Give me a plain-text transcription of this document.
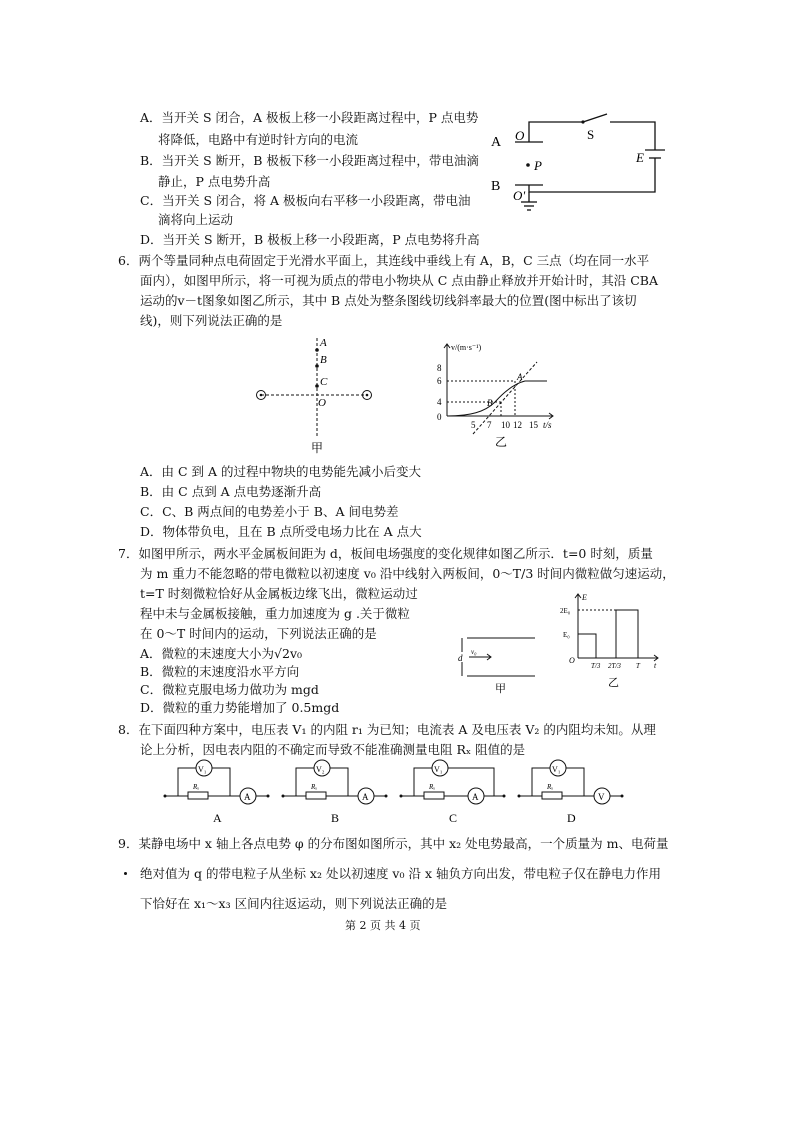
A．当开关 S 闭合，A 极板上移一小段距离过程中，P 点电势
将降低，电路中有逆时针方向的电流
B．当开关 S 断开，B 极板下移一小段距离过程中，带电油滴
静止，P 点电势升高
C．当开关 S 闭合，将 A 极板向右平移一小段距离，带电油
滴将向上运动
D．当开关 S 断开，B 极板上移一小段距离，P 点电势将升高
A
B
O
O'
S
E
P
6．两个等量同种点电荷固定于光滑水平面上，其连线中垂线上有 A，B，C 三点（均在同一水平
面内），如图甲所示，将一可视为质点的带电小物块从 C 点由静止释放并开始计时，其沿 CBA
运动的v－t图象如图乙所示，其中 B 点处为整条图线切线斜率最大的位置(图中标出了该切
线)，则下列说法正确的是
A
B
C
O
甲
v/(m·s⁻¹)
8
6
4
0
5 7 10 12 15 t/s
A
B
乙
A．由 C 到 A 的过程中物块的电势能先减小后变大
B．由 C 点到 A 点电势逐渐升高
C．C、B 两点间的电势差小于 B、A 间电势差
D．物体带负电，且在 B 点所受电场力比在 A 点大
7．如图甲所示，两水平金属板间距为 d，板间电场强度的变化规律如图乙所示．t=0 时刻，质量
为 m 重力不能忽略的带电微粒以初速度 v₀ 沿中线射入两板间，0～T/3 时间内微粒做匀速运动，
t=T 时刻微粒恰好从金属板边缘飞出，微粒运动过
程中未与金属板接触，重力加速度为 g .关于微粒
在 0～T 时间内的运动，下列说法正确的是
A．微粒的末速度大小为√2v₀
B．微粒的末速度沿水平方向
C．微粒克服电场力做功为 mgd
D．微粒的重力势能增加了 0.5mgd
d
v₀
甲
E
2E₀
E₀
O
T/3 2T/3 T t
乙
8．在下面四种方案中，电压表 V₁ 的内阻 r₁ 为已知；电流表 A 及电压表 V₂ 的内阻均未知。从理
论上分析，因电表内阻的不确定而导致不能准确测量电阻 Rₓ 阻值的是
V₁
A
Rₓ
A
V₂
A
Rₓ
B
V₁
A
Rₓ
C
V₁
V
Rₓ
D
9．某静电场中 x 轴上各点电势 φ 的分布图如图所示，其中 x₂ 处电势最高，一个质量为 m、电荷量
绝对值为 q 的带电粒子从坐标 x₂ 处以初速度 v₀ 沿 x 轴负方向出发，带电粒子仅在静电力作用
下恰好在 x₁～x₃ 区间内往返运动，则下列说法正确的是
第 2 页 共 4 页
